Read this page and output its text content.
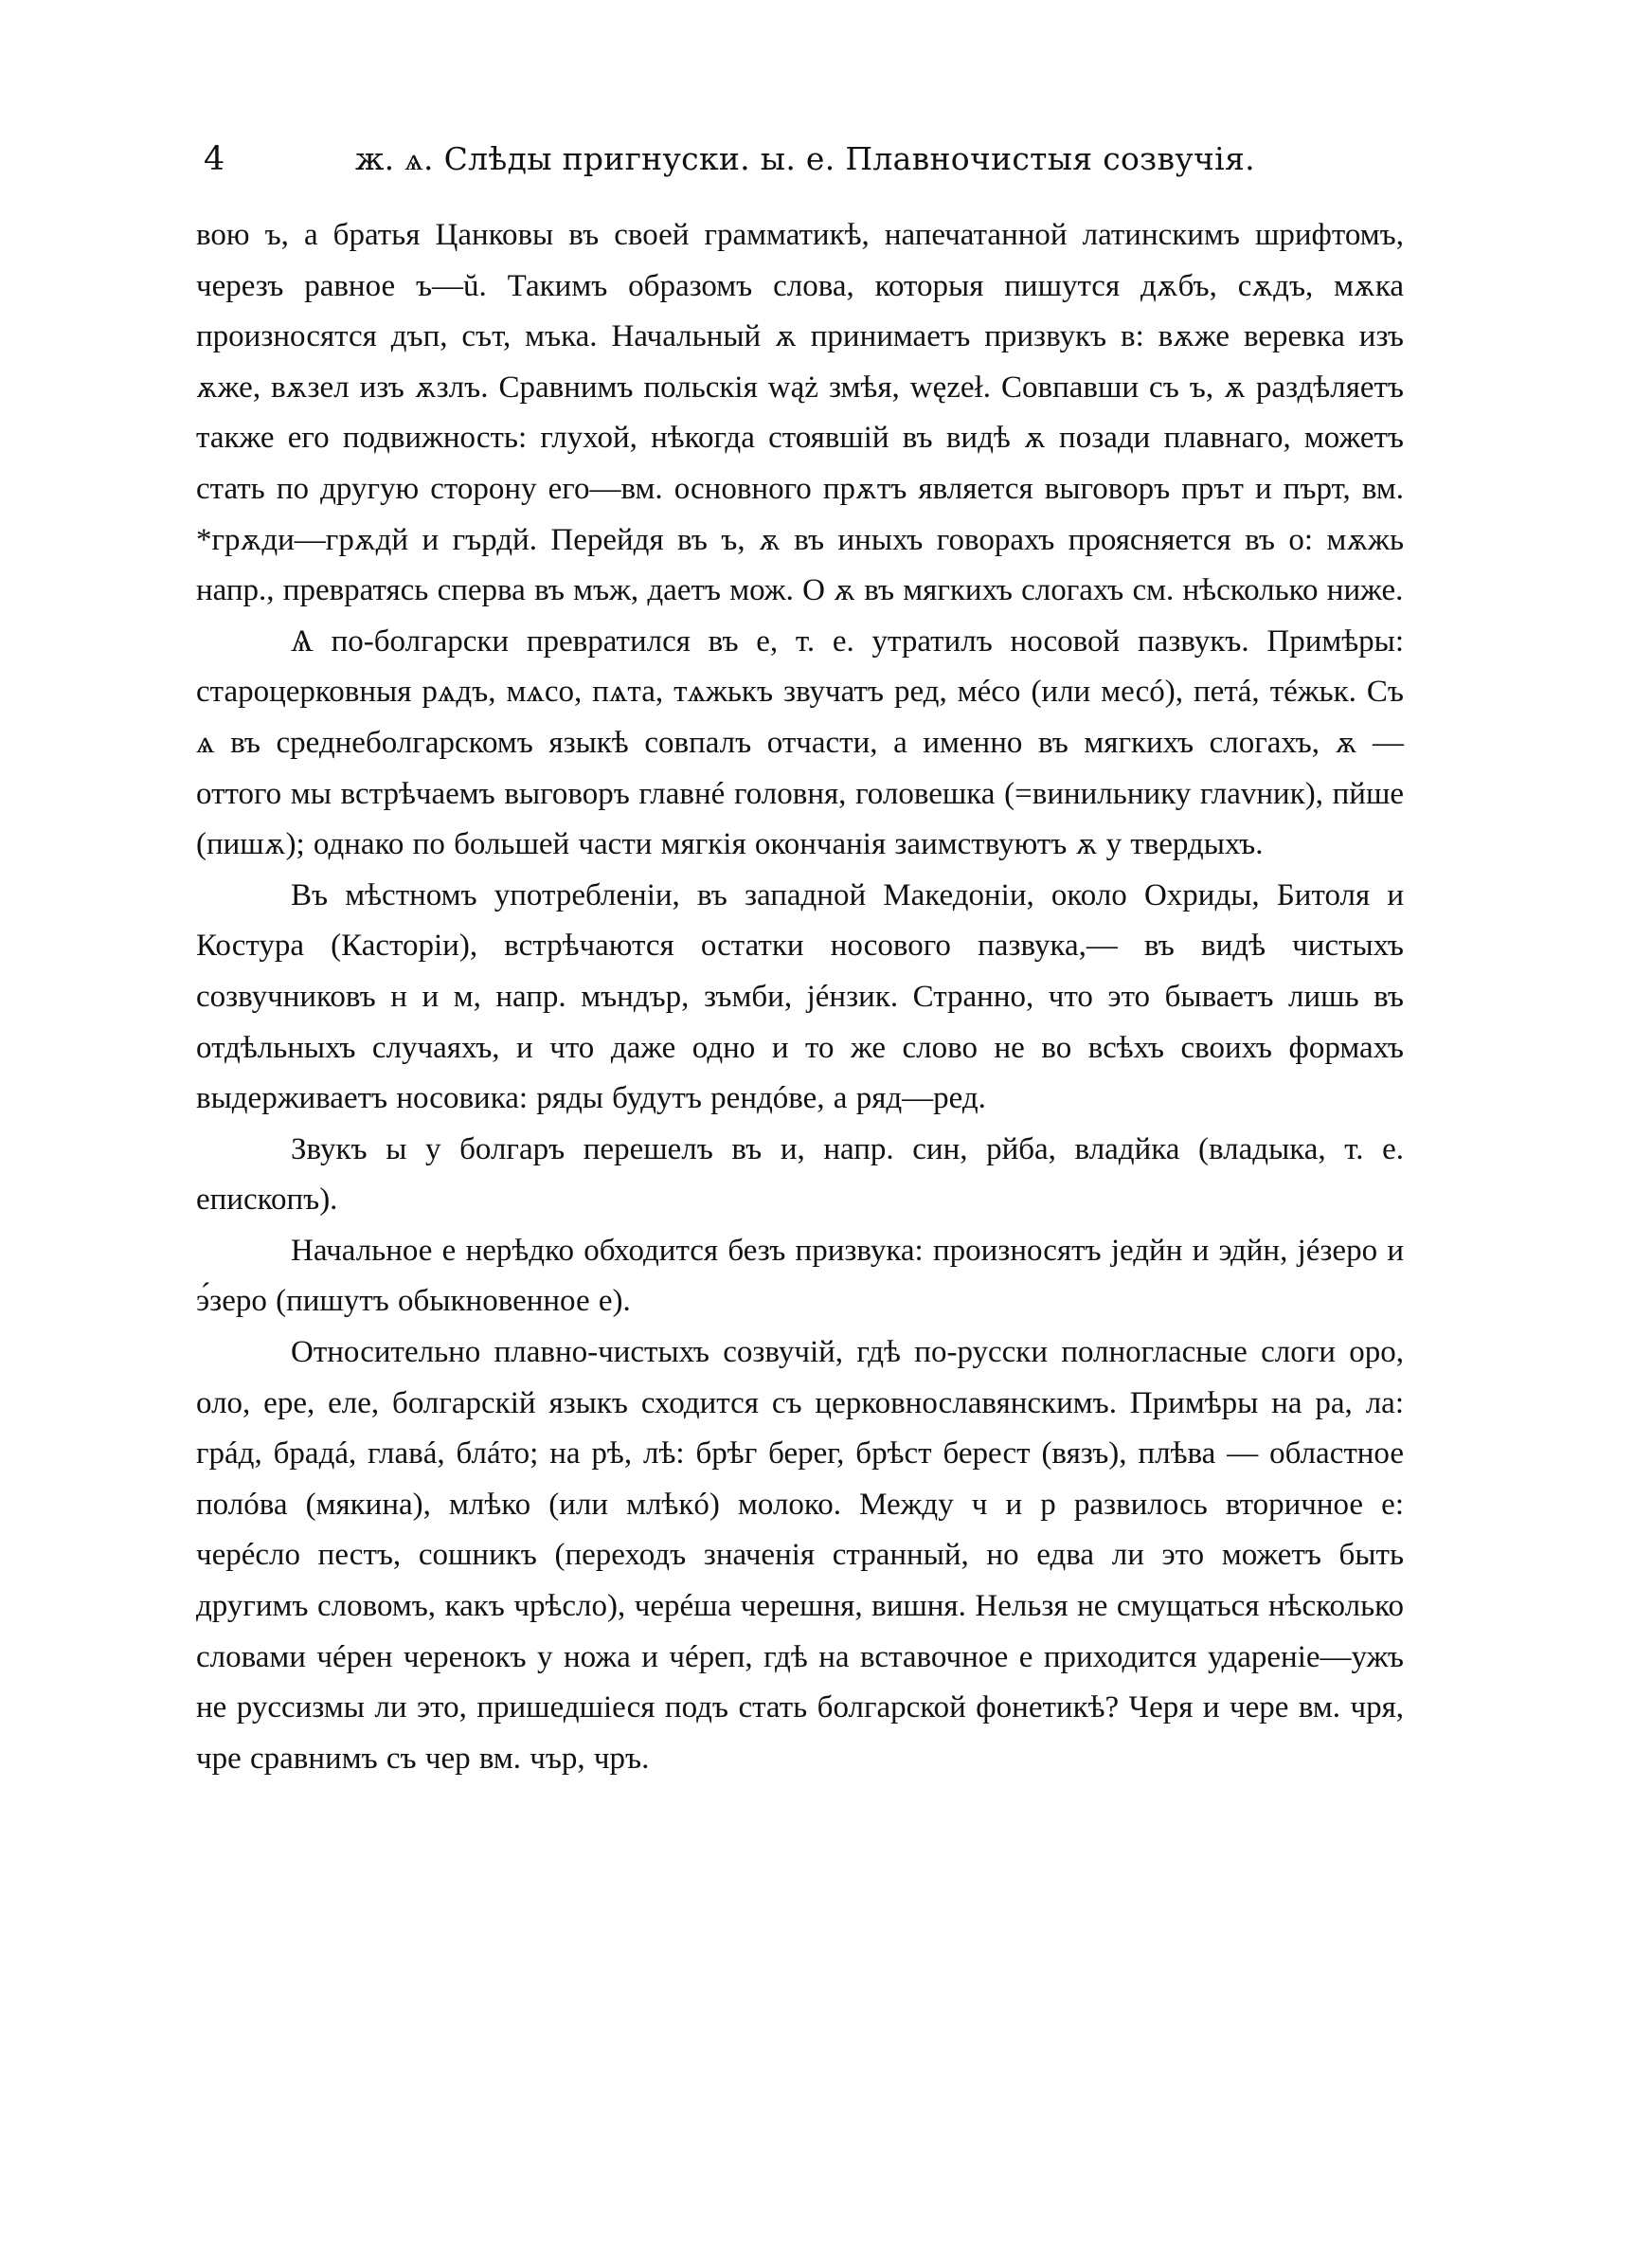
4	ж. ѧ. Слѣды пригнуски. ы. е. Плавночистыя созвучія.

вою ъ, а братья Цанковы въ своей грамматикѣ, напечатанной латинскимъ шрифтомъ, черезъ равное ъ—ŭ. Такимъ образомъ слова, которыя пишутся дѫбъ, сѫдъ, мѫка произносятся дъп, сът, мъка. Начальный ѫ принимаетъ призвукъ в: вѫже веревка изъ ѫже, вѫзел изъ ѫзлъ. Сравнимъ польскія wąż змѣя, węzeł. Совпавши съ ъ, ѫ раздѣляетъ также его подвижность: глухой, нѣкогда стоявшій въ видѣ ѫ позади плавнаго, можетъ стать по другую сторону его—вм. основного прѫтъ является выговоръ прът и пърт, вм. *грѫди—грѫдй и гърдй. Перейдя въ ъ, ѫ въ иныхъ говорахъ проясняется въ о: мѫжь напр., превратясь сперва въ мъж, даетъ мож. О ѫ въ мягкихъ слогахъ см. нѣсколько ниже.

Ѧ по-болгарски превратился въ е, т. е. утратилъ носовой пазвукъ. Примѣры: староцерковныя рѧдъ, мѧсо, пѧта, тѧжькъ звучатъ ред, мéсо (или месó), петá, тéжьк. Съ ѧ въ среднеболгарскомъ языкѣ совпалъ отчасти, а именно въ мягкихъ слогахъ, ѫ — оттого мы встрѣчаемъ выговоръ главнé головня, головешка (=винильнику глаvник), пйше (пишѫ); однако по большей части мягкія окончанія заимствуютъ ѫ у твердыхъ.

Въ мѣстномъ употребленіи, въ западной Македоніи, около Охриды, Битоля и Костура (Касторіи), встрѣчаются остатки носового пазвука,— въ видѣ чистыхъ созвучниковъ н и м, напр. мъндър, зъмби, јéнзик. Странно, что это бываетъ лишь въ отдѣльныхъ случаяхъ, и что даже одно и то же слово не во всѣхъ своихъ формахъ выдерживаетъ носовика: ряды будутъ рендóве, а ряд—ред.

Звукъ ы у болгаръ перешелъ въ и, напр. син, рйба, владйка (владыка, т. е. епископъ).

Начальное е нерѣдко обходится безъ призвука: произносятъ једйн и эдйн, јéзеро и э́зеро (пишутъ обыкновенное е).

Относительно плавно-чистыхъ созвучій, гдѣ по-русски полногласные слоги оро, оло, ере, еле, болгарскій языкъ сходится съ церковнославянскимъ. Примѣры на ра, ла: грáд, брадá, главá, блáто; на рѣ, лѣ: брѣг берег, брѣст берест (вязъ), плѣва — областное полóва (мякина), млѣко (или млѣкó) молоко. Между ч и р развилось вторичное е: черéсло пестъ, сошникъ (переходъ значенія странный, но едва ли это можетъ быть другимъ словомъ, какъ чрѣсло), черéша черешня, вишня. Нельзя не смущаться нѣсколько словами чéрен черенокъ у ножа и чéреп, гдѣ на вставочное е приходится удареніе—ужъ не руссизмы ли это, пришедшіеся подъ стать болгарской фонетикѣ? Черя и чере вм. чря, чре сравнимъ съ чер вм. чър, чръ.
